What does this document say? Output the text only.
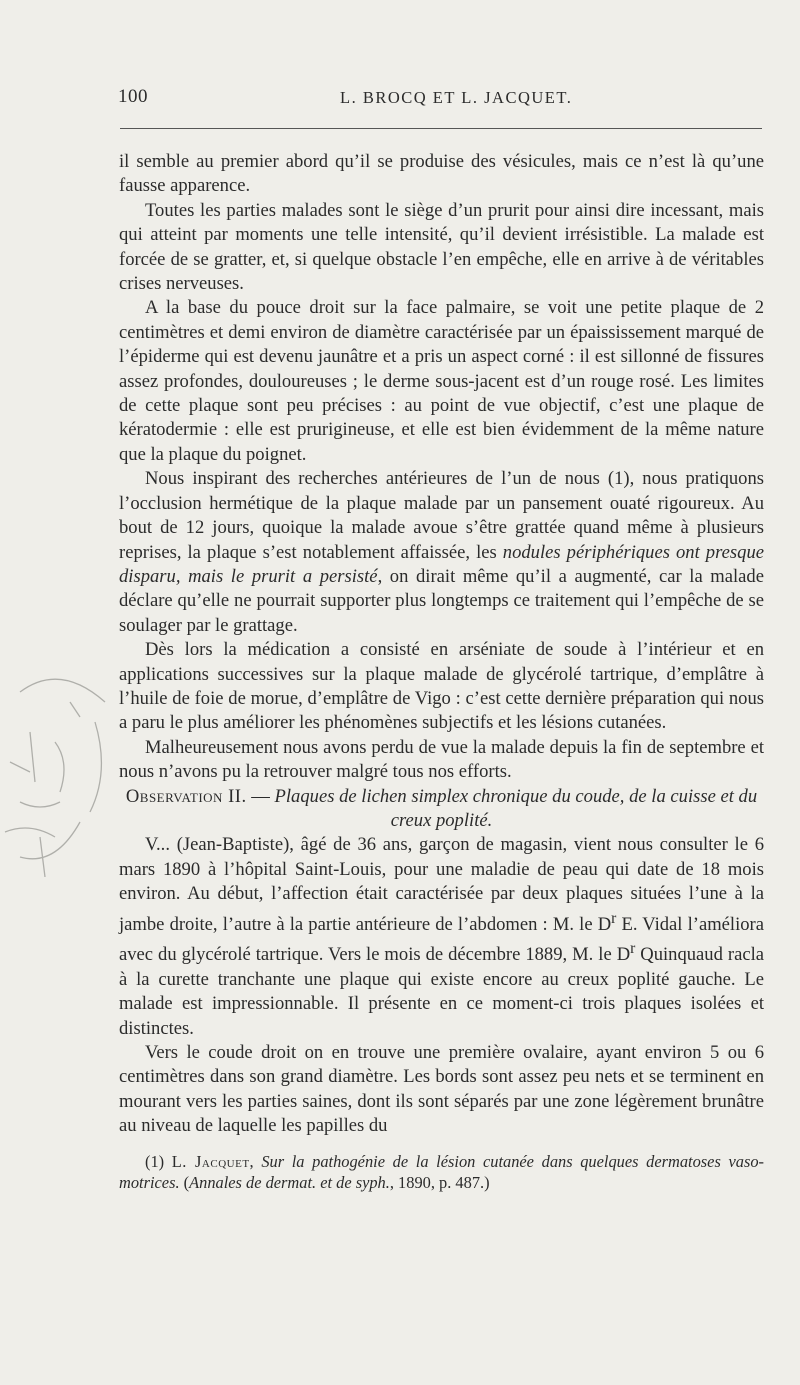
100	L. BROCQ ET L. JACQUET.

il semble au premier abord qu’il se produise des vésicules, mais ce n’est là qu’une fausse apparence.

Toutes les parties malades sont le siège d’un prurit pour ainsi dire incessant, mais qui atteint par moments une telle intensité, qu’il devient irrésistible. La malade est forcée de se gratter, et, si quelque obstacle l’en empêche, elle en arrive à de véritables crises nerveuses.

A la base du pouce droit sur la face palmaire, se voit une petite plaque de 2 centimètres et demi environ de diamètre caractérisée par un épaississement marqué de l’épiderme qui est devenu jaunâtre et a pris un aspect corné : il est sillonné de fissures assez profondes, douloureuses ; le derme sous-jacent est d’un rouge rosé. Les limites de cette plaque sont peu précises : au point de vue objectif, c’est une plaque de kératodermie : elle est prurigineuse, et elle est bien évidemment de la même nature que la plaque du poignet.

Nous inspirant des recherches antérieures de l’un de nous (1), nous pratiquons l’occlusion hermétique de la plaque malade par un pansement ouaté rigoureux. Au bout de 12 jours, quoique la malade avoue s’être grattée quand même à plusieurs reprises, la plaque s’est notablement affaissée, les nodules périphériques ont presque disparu, mais le prurit a persisté, on dirait même qu’il a augmenté, car la malade déclare qu’elle ne pourrait supporter plus longtemps ce traitement qui l’empêche de se soulager par le grattage.

Dès lors la médication a consisté en arséniate de soude à l’intérieur et en applications successives sur la plaque malade de glycérolé tartrique, d’emplâtre à l’huile de foie de morue, d’emplâtre de Vigo : c’est cette dernière préparation qui nous a paru le plus améliorer les phénomènes subjectifs et les lésions cutanées.

Malheureusement nous avons perdu de vue la malade depuis la fin de septembre et nous n’avons pu la retrouver malgré tous nos efforts.

Observation II. — Plaques de lichen simplex chronique du coude, de la cuisse et du creux poplité.

V... (Jean-Baptiste), âgé de 36 ans, garçon de magasin, vient nous consulter le 6 mars 1890 à l’hôpital Saint-Louis, pour une maladie de peau qui date de 18 mois environ. Au début, l’affection était caractérisée par deux plaques situées l’une à la jambe droite, l’autre à la partie antérieure de l’abdomen : M. le $D^r$ E. Vidal l’améliora avec du glycérolé tartrique. Vers le mois de décembre 1889, M. le $D^r$ Quinquaud racla à la curette tranchante une plaque qui existe encore au creux poplité gauche. Le malade est impressionnable. Il présente en ce moment-ci trois plaques isolées et distinctes.

Vers le coude droit on en trouve une première ovalaire, ayant environ 5 ou 6 centimètres dans son grand diamètre. Les bords sont assez peu nets et se terminent en mourant vers les parties saines, dont ils sont séparés par une zone légèrement brunâtre au niveau de laquelle les papilles du

(1) L. Jacquet, Sur la pathogénie de la lésion cutanée dans quelques dermatoses vaso-motrices. (Annales de dermat. et de syph., 1890, p. 487.)
